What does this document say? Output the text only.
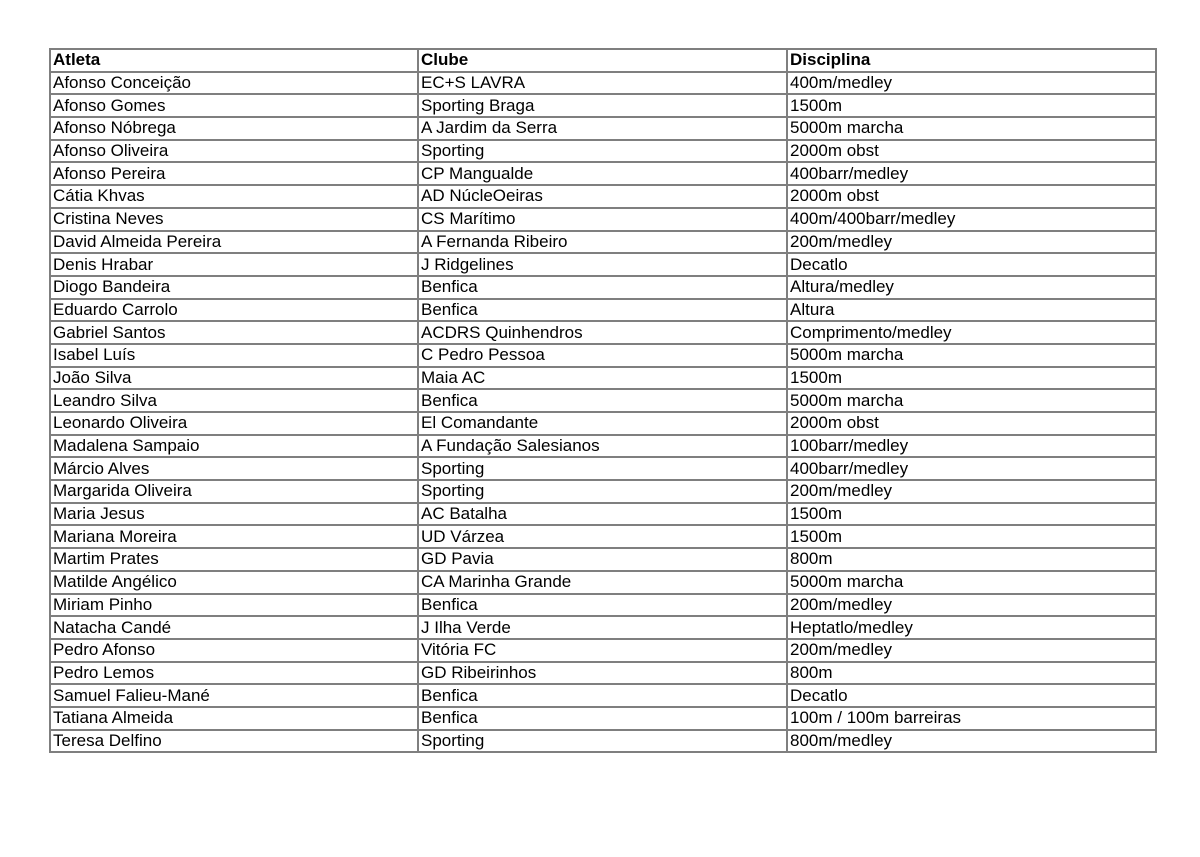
Atleta	Clube	Disciplina
Afonso Conceição	EC+S LAVRA	400m/medley
Afonso Gomes	Sporting Braga	1500m
Afonso Nóbrega	A Jardim da Serra	5000m marcha
Afonso Oliveira	Sporting	2000m obst
Afonso Pereira	CP Mangualde	400barr/medley
Cátia Khvas	AD NúcleOeiras	2000m obst
Cristina Neves	CS Marítimo	400m/400barr/medley
David Almeida Pereira	A Fernanda Ribeiro	200m/medley
Denis Hrabar	J Ridgelines	Decatlo
Diogo Bandeira	Benfica	Altura/medley
Eduardo Carrolo	Benfica	Altura
Gabriel Santos	ACDRS Quinhendros	Comprimento/medley
Isabel Luís	C Pedro Pessoa	5000m marcha
João Silva	Maia AC	1500m
Leandro Silva	Benfica	5000m marcha
Leonardo Oliveira	El Comandante	2000m obst
Madalena Sampaio	A Fundação Salesianos	100barr/medley
Márcio Alves	Sporting	400barr/medley
Margarida Oliveira	Sporting	200m/medley
Maria Jesus	AC Batalha	1500m
Mariana Moreira	UD Várzea	1500m
Martim Prates	GD Pavia	800m
Matilde Angélico	CA Marinha Grande	5000m marcha
Miriam Pinho	Benfica	200m/medley
Natacha Candé	J Ilha Verde	Heptatlo/medley
Pedro Afonso	Vitória FC	200m/medley
Pedro Lemos	GD Ribeirinhos	800m
Samuel Falieu-Mané	Benfica	Decatlo
Tatiana Almeida	Benfica	100m / 100m barreiras
Teresa Delfino	Sporting	800m/medley
